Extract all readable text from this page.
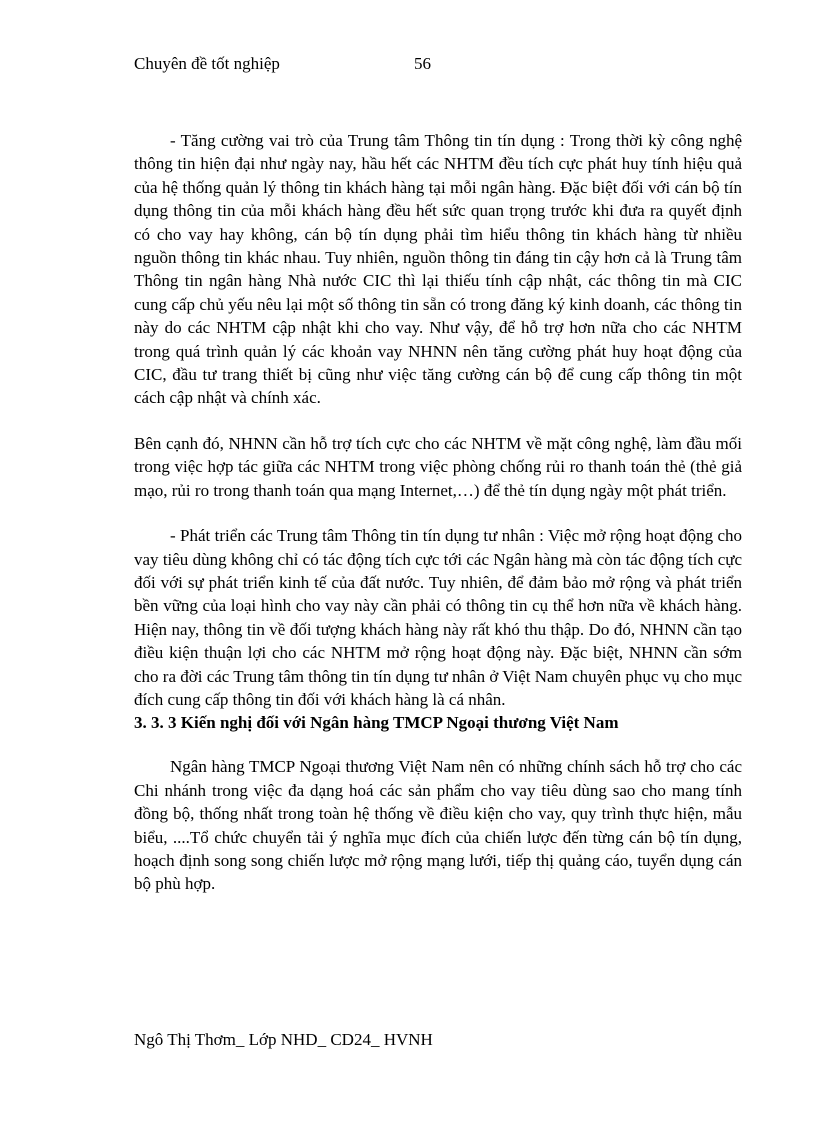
Chuyên đề tốt nghiệp	56

- Tăng cường vai trò của Trung tâm Thông tin tín dụng : Trong thời kỳ công nghệ thông tin hiện đại như ngày nay, hầu hết các NHTM đều tích cực phát huy tính hiệu quả của hệ thống quản lý thông tin khách hàng tại mỗi ngân hàng. Đặc biệt đối với cán bộ tín dụng thông tin của mỗi khách hàng đều hết sức quan trọng trước khi đưa ra quyết định có cho vay hay không, cán bộ tín dụng phải tìm hiểu thông tin khách hàng từ nhiều nguồn thông tin khác nhau. Tuy nhiên, nguồn thông tin đáng tin cậy hơn cả là Trung tâm Thông tin ngân hàng Nhà nước CIC thì lại thiếu tính cập nhật, các thông tin mà CIC cung cấp chủ yếu nêu lại một số thông tin sẵn có trong đăng ký kinh doanh, các thông tin này do các NHTM cập nhật khi cho vay. Như vậy, để hỗ trợ hơn nữa cho các NHTM trong quá trình quản lý các khoản vay NHNN nên tăng cường phát huy hoạt động của CIC, đầu tư trang thiết bị cũng như việc tăng cường cán bộ để cung cấp thông tin một cách cập nhật và chính xác.

Bên cạnh đó, NHNN cần hỗ trợ tích cực cho các NHTM về mặt công nghệ, làm đầu mối trong việc hợp tác giữa các NHTM trong việc phòng chống rủi ro thanh toán thẻ (thẻ giả mạo, rủi ro trong thanh toán qua mạng Internet,…) để thẻ tín dụng ngày một phát triển.

- Phát triển các Trung tâm Thông tin tín dụng tư nhân : Việc mở rộng hoạt động cho vay tiêu dùng không chỉ có tác động tích cực tới các Ngân hàng mà còn tác động tích cực đối với sự phát triển kinh tế của đất nước. Tuy nhiên, để đảm bảo mở rộng và phát triển bền vững của loại hình cho vay này cần phải có thông tin cụ thể hơn nữa về khách hàng. Hiện nay, thông tin về đối tượng khách hàng này rất khó thu thập. Do đó, NHNN cần tạo điều kiện thuận lợi cho các NHTM mở rộng hoạt động này. Đặc biệt, NHNN cần sớm cho ra đời các Trung tâm thông tin tín dụng tư nhân ở Việt Nam chuyên phục vụ cho mục đích cung cấp thông tin đối với khách hàng là cá nhân.

3. 3. 3 Kiến nghị đối với Ngân hàng TMCP Ngoại thương Việt Nam

Ngân hàng TMCP Ngoại thương Việt Nam nên có những chính sách hỗ trợ cho các Chi nhánh trong việc đa dạng hoá các sản phẩm cho vay tiêu dùng sao cho mang tính đồng bộ, thống nhất trong toàn hệ thống về điều kiện cho vay, quy trình thực hiện, mẫu biểu, ....Tổ chức chuyển tải ý nghĩa mục đích của chiến lược đến từng cán bộ tín dụng, hoạch định song song chiến lược mở rộng mạng lưới, tiếp thị quảng cáo, tuyển dụng cán bộ phù hợp.

Ngô Thị Thơm_ Lớp NHD_ CD24_ HVNH
